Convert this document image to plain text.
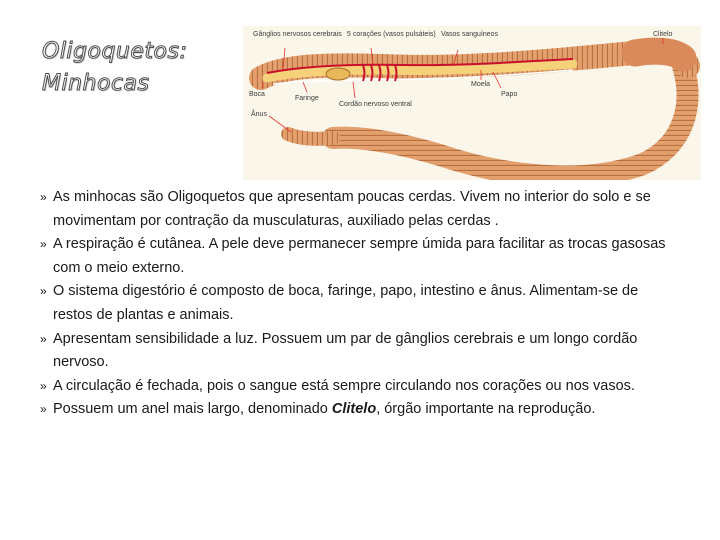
Oligoquetos:
Minhocas
Gânglios nervosos cerebrais 5 corações (vasos pulsáteis) Vasos sanguíneos	Clitelo
Boca
Faringe
Cordão nervoso ventral
Moela
Papo
Ânus

» As minhocas são Oligoquetos que apresentam poucas cerdas. Vivem no interior do solo e se movimentam por contração da musculaturas, auxiliado pelas cerdas .

» A respiração é cutânea. A pele deve permanecer sempre úmida para facilitar as trocas gasosas com o meio externo.

» O sistema digestório é composto de boca, faringe, papo, intestino e ânus. Alimentam-se de restos de plantas e animais.

» Apresentam sensibilidade a luz. Possuem um par de gânglios cerebrais e um longo cordão nervoso.

» A circulação é fechada, pois o sangue está sempre circulando nos corações ou nos vasos.

» Possuem um anel mais largo, denominado Clitelo, órgão importante na reprodução.
